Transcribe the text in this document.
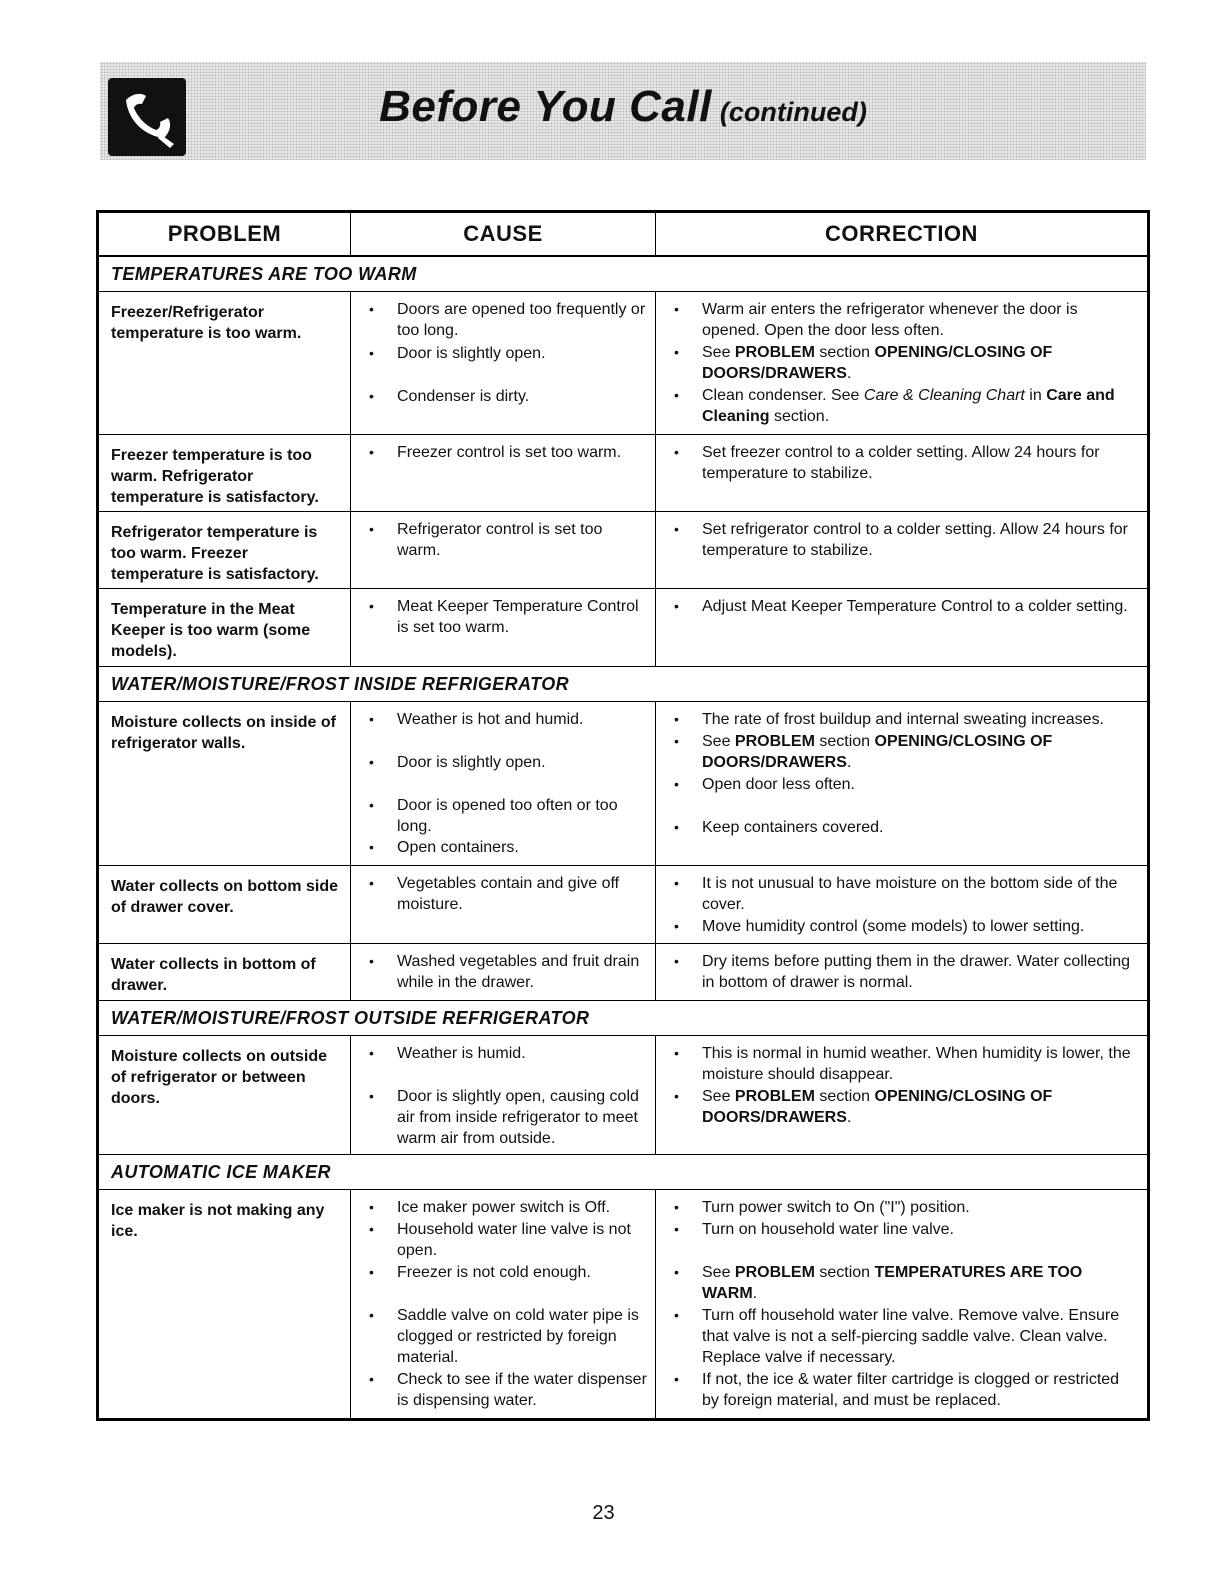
Before You Call (continued)
PROBLEM	CAUSE	CORRECTION
TEMPERATURES ARE TOO WARM
Freezer/Refrigerator temperature is too warm.
• Doors are opened too frequently or too long.
• Door is slightly open.
• Condenser is dirty.
• Warm air enters the refrigerator whenever the door is opened. Open the door less often.
• See PROBLEM section OPENING/CLOSING OF DOORS/DRAWERS.
• Clean condenser. See Care & Cleaning Chart in Care and Cleaning section.
Freezer temperature is too warm. Refrigerator temperature is satisfactory.
• Freezer control is set too warm.
•	Set freezer control to a colder setting. Allow 24 hours for temperature to stabilize.
Refrigerator temperature is too warm. Freezer temperature is satisfactory.
• Refrigerator control is set too warm.
• Set refrigerator control to a colder setting. Allow 24 hours for temperature to stabilize.
Temperature in the Meat Keeper is too warm (some models).
• Meat Keeper Temperature Control is set too warm.
• Adjust Meat Keeper Temperature Control to a colder setting.
WATER/MOISTURE/FROST INSIDE REFRIGERATOR
Moisture collects on inside of refrigerator walls.
• Weather is hot and humid.
• Door is slightly open.
• Door is opened too often or too long.
• Open containers.
• The rate of frost buildup and internal sweating increases.
• See PROBLEM section OPENING/CLOSING OF DOORS/DRAWERS.
• Open door less often.
• Keep containers covered.
Water collects on bottom side of drawer cover.
• Vegetables contain and give off moisture.
• It is not unusual to have moisture on the bottom side of the cover.
• Move humidity control (some models) to lower setting.
Water collects in bottom of drawer.
• Washed vegetables and fruit drain while in the drawer.
• Dry items before putting them in the drawer. Water collecting in bottom of drawer is normal.
WATER/MOISTURE/FROST OUTSIDE REFRIGERATOR
Moisture collects on outside of refrigerator or between doors.
• Weather is humid.
• Door is slightly open, causing cold air from inside refrigerator to meet warm air from outside.
• This is normal in humid weather. When humidity is lower, the moisture should disappear.
• See PROBLEM section OPENING/CLOSING OF DOORS/DRAWERS.
AUTOMATIC ICE MAKER
Ice maker is not making any ice.
• Ice maker power switch is Off.
• Household water line valve is not open.
• Freezer is not cold enough.
• Saddle valve on cold water pipe is clogged or restricted by foreign material.
• Check to see if the water dispenser is dispensing water.
• Turn power switch to On ("I") position.
• Turn on household water line valve.
• See PROBLEM section TEMPERATURES ARE TOO WARM.
• Turn off household water line valve. Remove valve. Ensure that valve is not a self-piercing saddle valve. Clean valve. Replace valve if necessary.
• If not, the ice & water filter cartridge is clogged or restricted by foreign material, and must be replaced.
23
